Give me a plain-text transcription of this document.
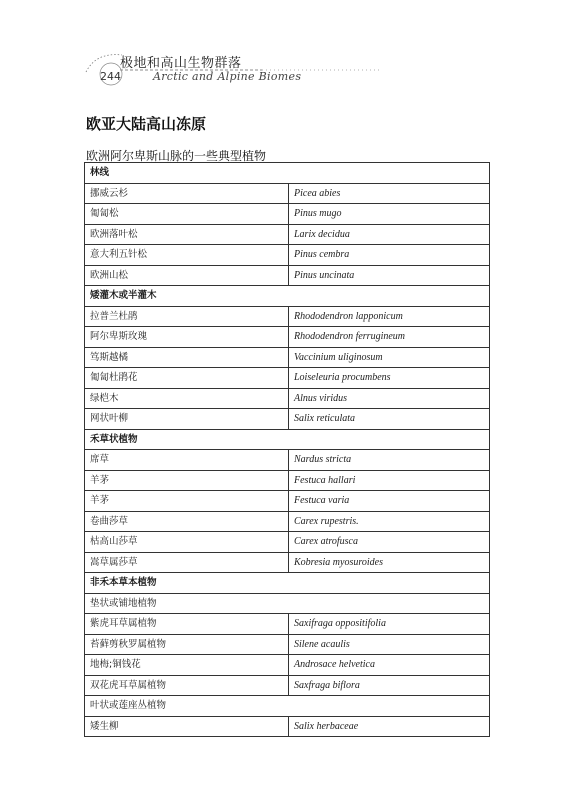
极地和高山生物群落
244	Arctic and Alpine Biomes
欧亚大陆高山冻原
欧洲阿尔卑斯山脉的一些典型植物
林线	
挪威云杉	Picea abies
匍匐松	Pinus mugo
欧洲落叶松	Larix decidua
意大利五针松	Pinus cembra
欧洲山松	Pinus uncinata
矮灌木或半灌木	
拉普兰杜鹃	Rhododendron lapponicum
阿尔卑斯玫瑰	Rhododendron ferrugineum
笃斯越橘	Vaccinium uliginosum
匍匐杜鹃花	Loiseleuria procumbens
绿桤木	Alnus viridus
网状叶柳	Salix reticulata
禾草状植物	
席草	Nardus stricta
羊茅	Festuca hallari
羊茅	Festuca varia
卷曲莎草	Carex rupestris.
枯高山莎草	Carex atrofusca
嵩草属莎草	Kobresia myosuroides
非禾本草本植物	
垫状或铺地植物	
紫虎耳草属植物	Saxifraga oppositifolia
苔藓剪秋罗属植物	Silene acaulis
地梅;铜钱花	Androsace helvetica
双花虎耳草属植物	Saxfraga biflora
叶状或莲座丛植物	
矮生柳	Salix herbaceae
